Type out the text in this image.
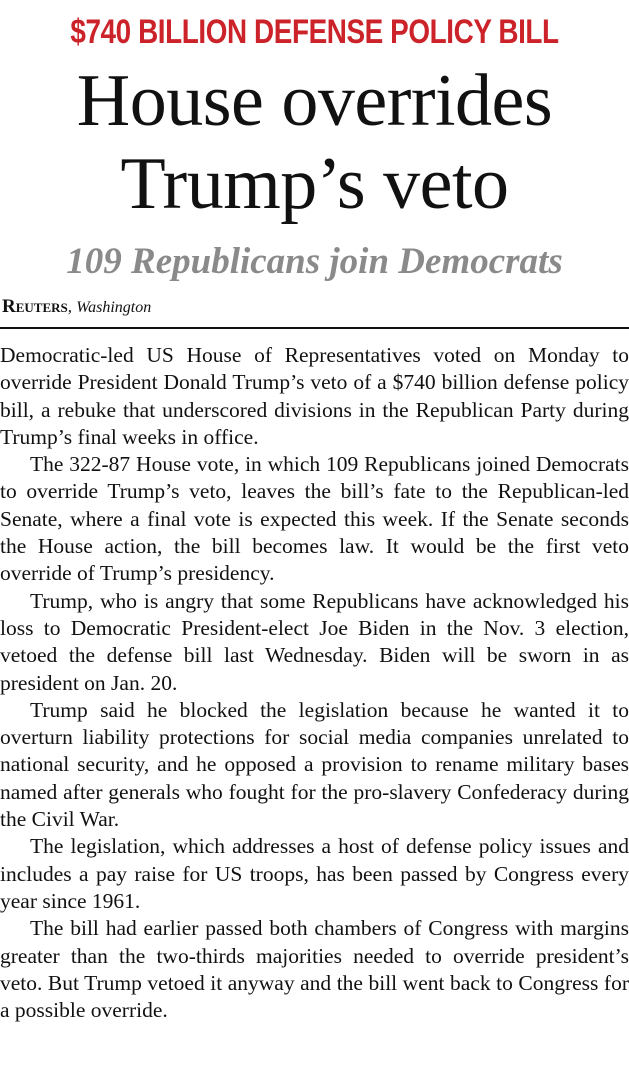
$740 BILLION DEFENSE POLICY BILL
House overrides
Trump’s veto
109 Republicans join Democrats
Reuters, Washington

Democratic-led US House of Representatives voted on Monday to override President Donald Trump’s veto of a $740 billion defense policy bill, a rebuke that underscored divisions in the Republican Party during Trump’s final weeks in office.

The 322-87 House vote, in which 109 Republicans joined Democrats to override Trump’s veto, leaves the bill’s fate to the Republican-led Senate, where a final vote is expected this week. If the Senate seconds the House action, the bill becomes law. It would be the first veto override of Trump’s presidency.

Trump, who is angry that some Republicans have acknowledged his loss to Democratic President-elect Joe Biden in the Nov. 3 election, vetoed the defense bill last Wednesday. Biden will be sworn in as president on Jan. 20.

Trump said he blocked the legislation because he wanted it to overturn liability protections for social media companies unrelated to national security, and he opposed a provision to rename military bases named after generals who fought for the pro-slavery Confederacy during the Civil War.

The legislation, which addresses a host of defense policy issues and includes a pay raise for US troops, has been passed by Congress every year since 1961.

The bill had earlier passed both chambers of Congress with margins greater than the two-thirds majorities needed to override president’s veto. But Trump vetoed it anyway and the bill went back to Congress for a possible override.
